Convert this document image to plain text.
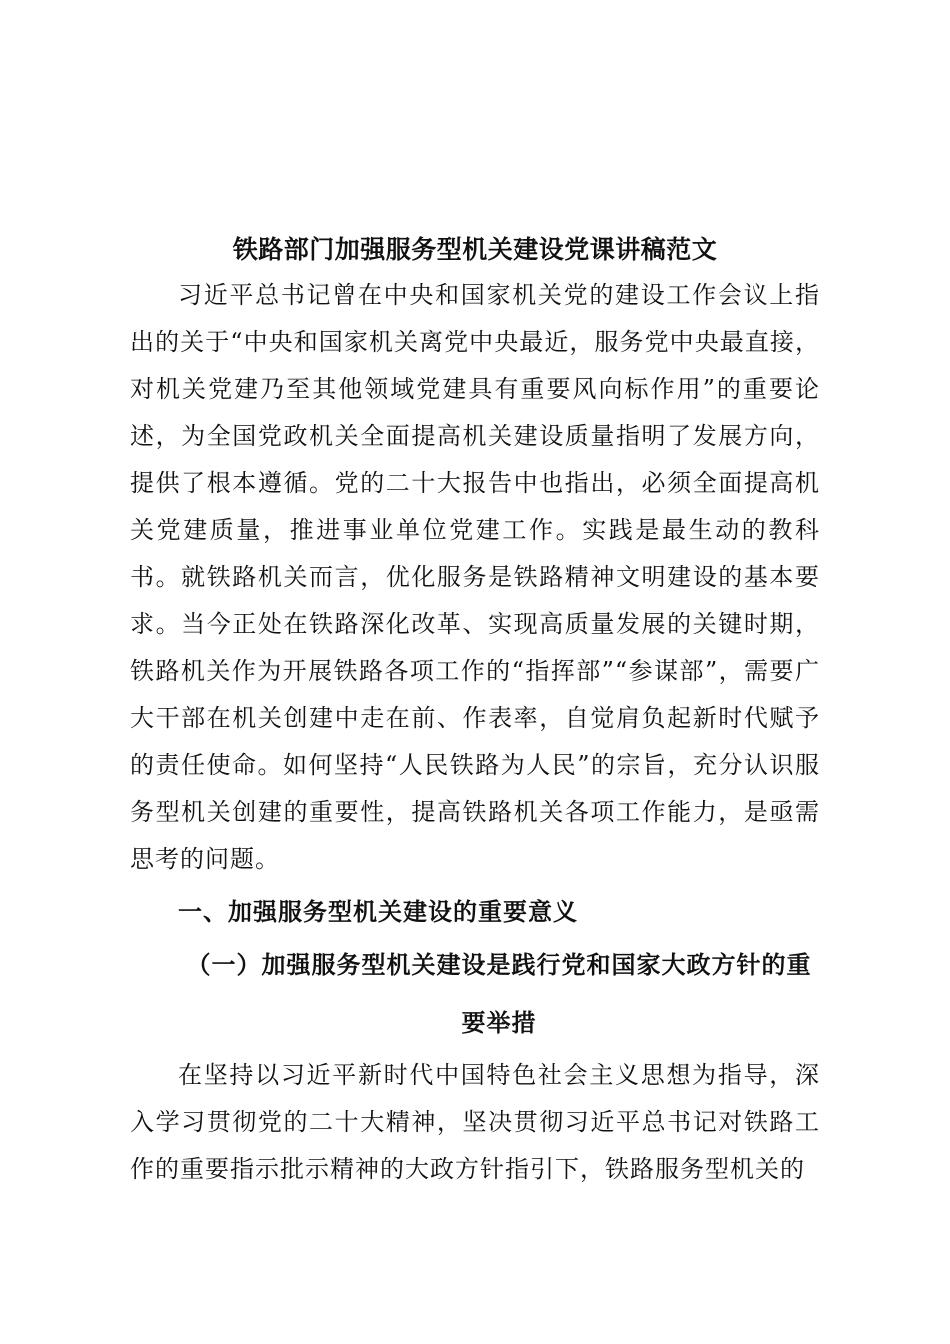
铁路部门加强服务型机关建设党课讲稿范文

习近平总书记曾在中央和国家机关党的建设工作会议上指出的关于“中央和国家机关离党中央最近，服务党中央最直接，对机关党建乃至其他领域党建具有重要风向标作用”的重要论述，为全国党政机关全面提高机关建设质量指明了发展方向，提供了根本遵循。党的二十大报告中也指出，必须全面提高机关党建质量，推进事业单位党建工作。实践是最生动的教科书。就铁路机关而言，优化服务是铁路精神文明建设的基本要求。当今正处在铁路深化改革、实现高质量发展的关键时期，铁路机关作为开展铁路各项工作的“指挥部”“参谋部”，需要广大干部在机关创建中走在前、作表率，自觉肩负起新时代赋予的责任使命。如何坚持“人民铁路为人民”的宗旨，充分认识服务型机关创建的重要性，提高铁路机关各项工作能力，是亟需思考的问题。

一、加强服务型机关建设的重要意义
（一）加强服务型机关建设是践行党和国家大政方针的重要举措

在坚持以习近平新时代中国特色社会主义思想为指导，深入学习贯彻党的二十大精神，坚决贯彻习近平总书记对铁路工作的重要指示批示精神的大政方针指引下，铁路服务型机关的
